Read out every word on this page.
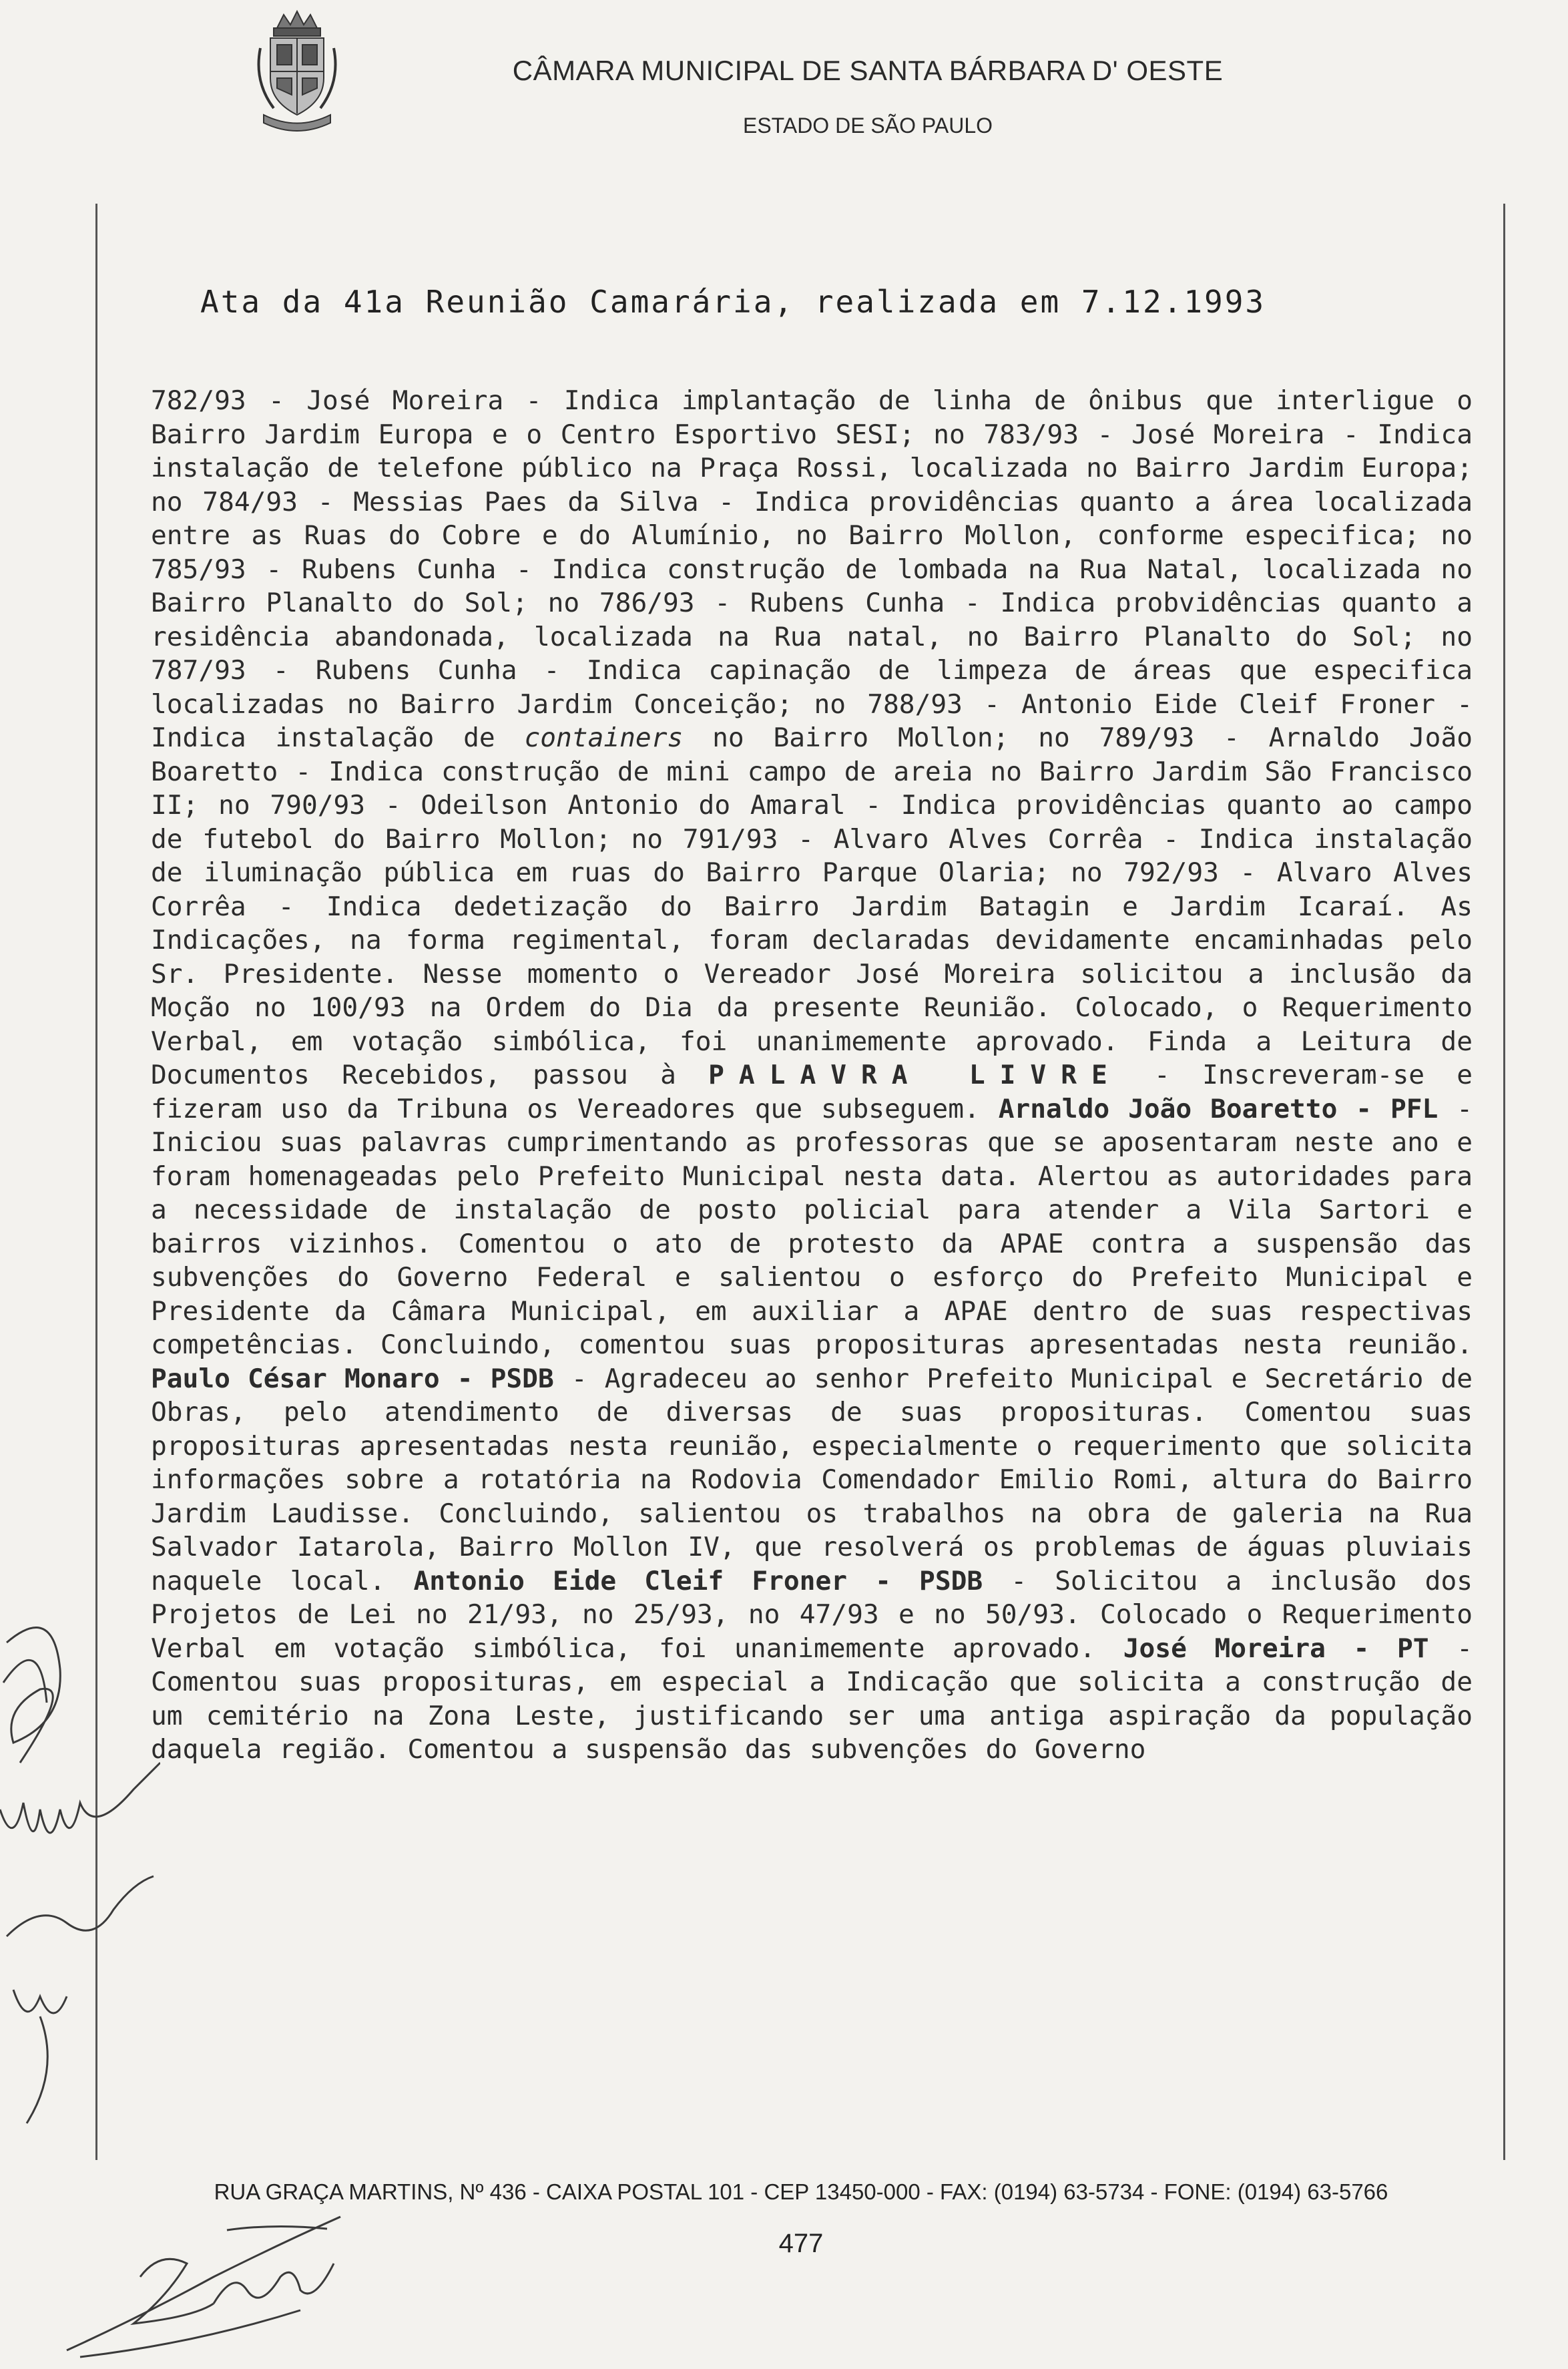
CÂMARA MUNICIPAL DE SANTA BÁRBARA D' OESTE
ESTADO DE SÃO PAULO
Ata da 41a Reunião Camarária, realizada em 7.12.1993
782/93 - José Moreira - Indica implantação de linha de ônibus que interligue o Bairro Jardim Europa e o Centro Esportivo SESI; no 783/93 - José Moreira - Indica instalação de telefone público na Praça Rossi, localizada no Bairro Jardim Europa; no 784/93 - Messias Paes da Silva - Indica providências quanto a área localizada entre as Ruas do Cobre e do Alumínio, no Bairro Mollon, conforme especifica; no 785/93 - Rubens Cunha - Indica construção de lombada na Rua Natal, localizada no Bairro Planalto do Sol; no 786/93 - Rubens Cunha - Indica probvidências quanto a residência abandonada, localizada na Rua natal, no Bairro Planalto do Sol; no 787/93 - Rubens Cunha - Indica capinação de limpeza de áreas que especifica localizadas no Bairro Jardim Conceição; no 788/93 - Antonio Eide Cleif Froner - Indica instalação de containers no Bairro Mollon; no 789/93 - Arnaldo João Boaretto - Indica construção de mini campo de areia no Bairro Jardim São Francisco II; no 790/93 - Odeilson Antonio do Amaral - Indica providências quanto ao campo de futebol do Bairro Mollon; no 791/93 - Alvaro Alves Corrêa - Indica instalação de iluminação pública em ruas do Bairro Parque Olaria; no 792/93 - Alvaro Alves Corrêa - Indica dedetização do Bairro Jardim Batagin e Jardim Icaraí. As Indicações, na forma regimental, foram declaradas devidamente encaminhadas pelo Sr. Presidente. Nesse momento o Vereador José Moreira solicitou a inclusão da Moção no 100/93 na Ordem do Dia da presente Reunião. Colocado, o Requerimento Verbal, em votação simbólica, foi unanimemente aprovado. Finda a Leitura de Documentos Recebidos, passou à PALAVRA LIVRE - Inscreveram-se e fizeram uso da Tribuna os Vereadores que subseguem. Arnaldo João Boaretto - PFL - Iniciou suas palavras cumprimentando as professoras que se aposentaram neste ano e foram homenageadas pelo Prefeito Municipal nesta data. Alertou as autoridades para a necessidade de instalação de posto policial para atender a Vila Sartori e bairros vizinhos. Comentou o ato de protesto da APAE contra a suspensão das subvenções do Governo Federal e salientou o esforço do Prefeito Municipal e Presidente da Câmara Municipal, em auxiliar a APAE dentro de suas respectivas competências. Concluindo, comentou suas proposituras apresentadas nesta reunião. Paulo César Monaro - PSDB - Agradeceu ao senhor Prefeito Municipal e Secretário de Obras, pelo atendimento de diversas de suas proposituras. Comentou suas proposituras apresentadas nesta reunião, especialmente o requerimento que solicita informações sobre a rotatória na Rodovia Comendador Emilio Romi, altura do Bairro Jardim Laudisse. Concluindo, salientou os trabalhos na obra de galeria na Rua Salvador Iatarola, Bairro Mollon IV, que resolverá os problemas de águas pluviais naquele local. Antonio Eide Cleif Froner - PSDB - Solicitou a inclusão dos Projetos de Lei no 21/93, no 25/93, no 47/93 e no 50/93. Colocado o Requerimento Verbal em votação simbólica, foi unanimemente aprovado. José Moreira - PT - Comentou suas proposituras, em especial a Indicação que solicita a construção de um cemitério na Zona Leste, justificando ser uma antiga aspiração da população daquela região. Comentou a suspensão das subvenções do Governo
RUA GRAÇA MARTINS, Nº 436 - CAIXA POSTAL 101 - CEP 13450-000 - FAX: (0194) 63-5734 - FONE: (0194) 63-5766
477
